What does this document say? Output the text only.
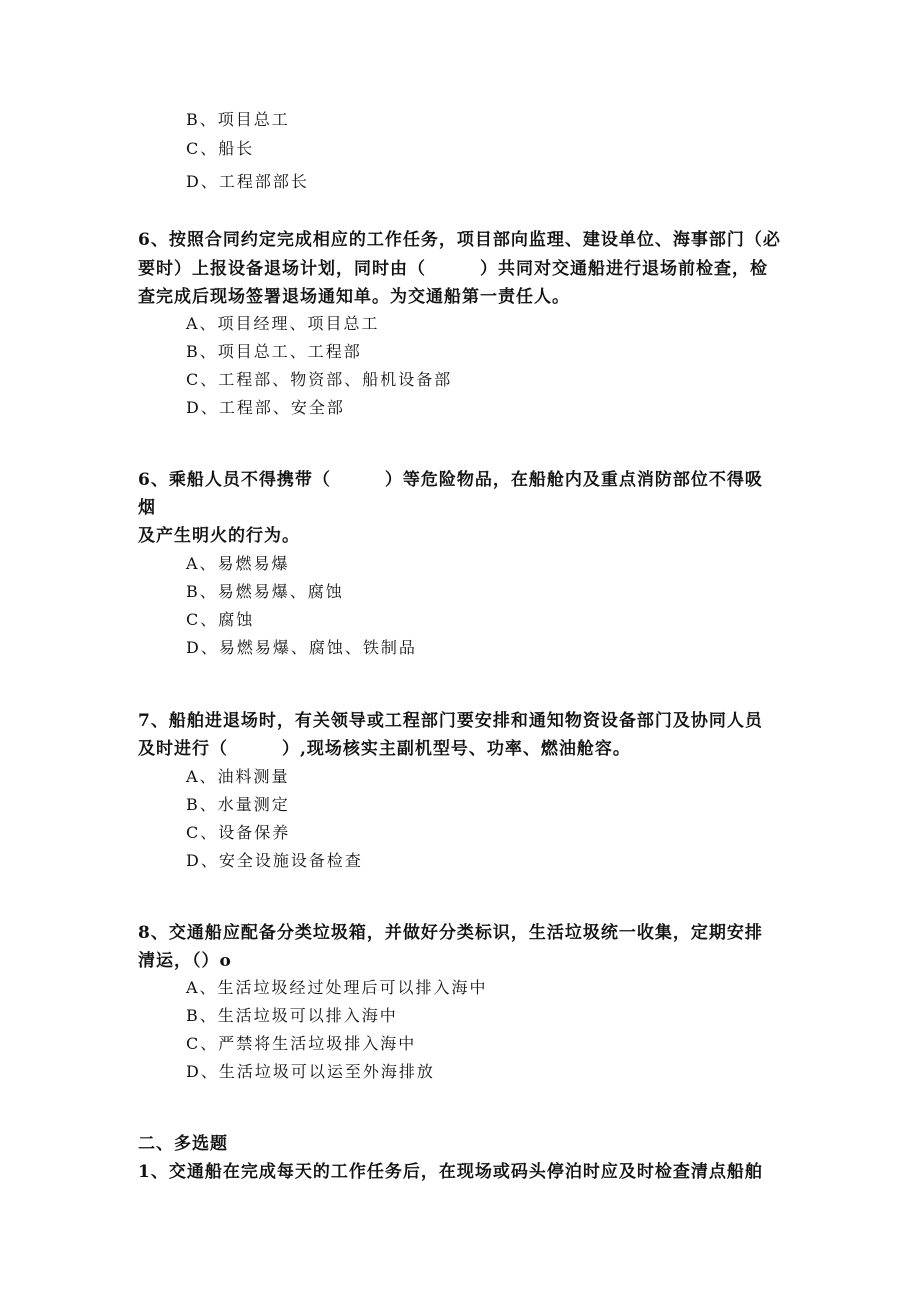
B、项目总工
C、船长
D、工程部部长
6、按照合同约定完成相应的工作任务，项目部向监理、建设单位、海事部门（必
要时）上报设备退场计划，同时由（　　　）共同对交通船进行退场前检查，检
查完成后现场签署退场通知单。为交通船第一责任人。
A、项目经理、项目总工
B、项目总工、工程部
C、工程部、物资部、船机设备部
D、工程部、安全部
6、乘船人员不得携带（　　　）等危险物品，在船舱内及重点消防部位不得吸
烟
及产生明火的行为。
A、易燃易爆
B、易燃易爆、腐蚀
C、腐蚀
D、易燃易爆、腐蚀、铁制品
7、船舶进退场时，有关领导或工程部门要安排和通知物资设备部门及协同人员
及时进行（　　　）,现场核实主副机型号、功率、燃油舱容。
A、油料测量
B、水量测定
C、设备保养
D、安全设施设备检查
8、交通船应配备分类垃圾箱，并做好分类标识，生活垃圾统一收集，定期安排
清运，（）o
A、生活垃圾经过处理后可以排入海中
B、生活垃圾可以排入海中
C、严禁将生活垃圾排入海中
D、生活垃圾可以运至外海排放
二、多选题
1、交通船在完成每天的工作任务后，在现场或码头停泊时应及时检查清点船舶
